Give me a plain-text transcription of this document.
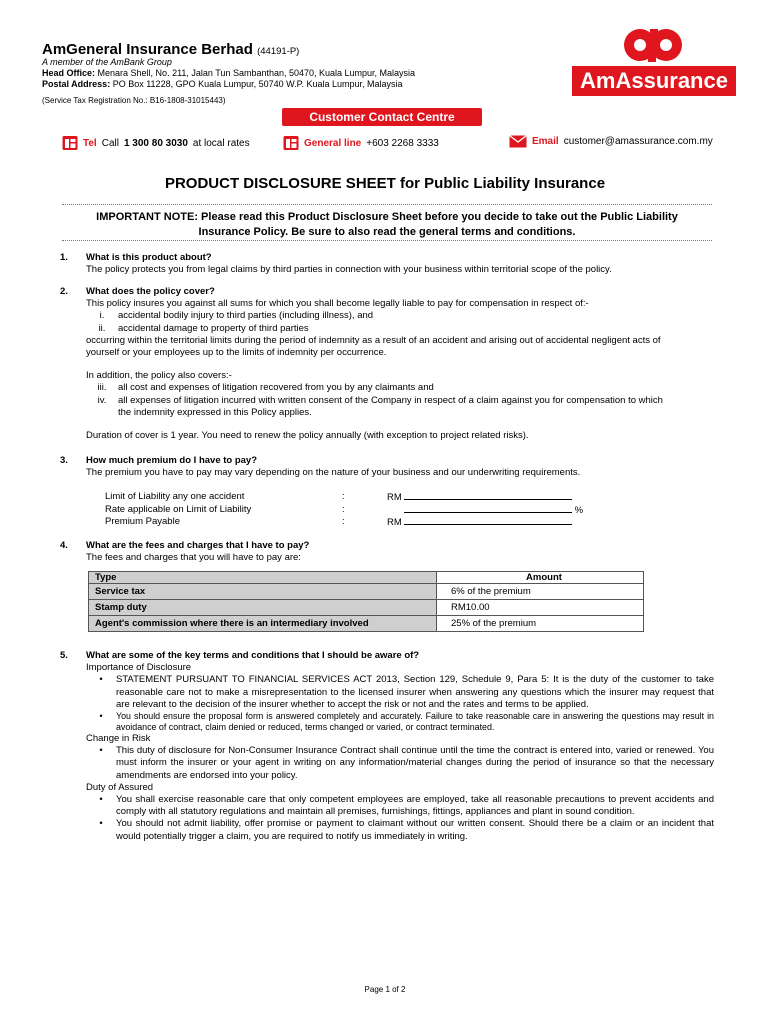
AmGeneral Insurance Berhad (44191-P)
A member of the AmBank Group
Head Office: Menara Shell, No. 211, Jalan Tun Sambanthan, 50470, Kuala Lumpur, Malaysia
Postal Address: PO Box 11228, GPO Kuala Lumpur, 50740 W.P. Kuala Lumpur, Malaysia
(Service Tax Registration No.: B16-1808-31015443)
AmAssurance
Customer Contact Centre
Tel Call 1 300 80 3030 at local rates	General line +603 2268 3333	Email customer@amassurance.com.my
PRODUCT DISCLOSURE SHEET for Public Liability Insurance
IMPORTANT NOTE: Please read this Product Disclosure Sheet before you decide to take out the Public Liability
Insurance Policy. Be sure to also read the general terms and conditions.
1. What is this product about?

The policy protects you from legal claims by third parties in connection with your business within territorial scope of the policy.

2. What does the policy cover?

This policy insures you against all sums for which you shall become legally liable to pay for compensation in respect of:-

i.	accidental bodily injury to third parties (including illness), and
ii.	accidental damage to property of third parties

occurring within the territorial limits during the period of indemnity as a result of an accident and arising out of accidental negligent acts of

yourself or your employees up to the limits of indemnity per occurrence.

In addition, the policy also covers:-

iii.	all cost and expenses of litigation recovered from you by any claimants and
iv.	all expenses of litigation incurred with written consent of the Company in respect of a claim against you for compensation to which
the indemnity expressed in this Policy applies.

Duration of cover is 1 year. You need to renew the policy annually (with exception to project related risks).

3. How much premium do I have to pay?

The premium you have to pay may vary depending on the nature of your business and our underwriting requirements.

Limit of Liability any one accident	:	RM
Rate applicable on Limit of Liability	:	%
Premium Payable	:	RM
4. What are the fees and charges that I have to pay?

The fees and charges that you will have to pay are:

Type	Amount
Service tax	6% of the premium
Stamp duty	RM10.00
Agent's commission where there is an intermediary involved	25% of the premium
5. What are some of the key terms and conditions that I should be aware of?

Importance of Disclosure

•	STATEMENT PURSUANT TO FINANCIAL SERVICES ACT 2013, Section 129, Schedule 9, Para 5: It is the duty of the customer to take reasonable care not to make a misrepresentation to the licensed insurer when answering any questions which the insurer may request that are relevant to the decision of the insurer whether to accept the risk or not and the rates and terms to be applied.
•	You should ensure the proposal form is answered completely and accurately. Failure to take reasonable care in answering the questions may result in avoidance of contract, claim denied or reduced, terms changed or varied, or contract terminated.

Change in Risk

•	This duty of disclosure for Non-Consumer Insurance Contract shall continue until the time the contract is entered into, varied or renewed. You must inform the insurer or your agent in writing on any information/material changes during the period of insurance so that the necessary amendments are endorsed into your policy.

Duty of Assured

•	You shall exercise reasonable care that only competent employees are employed, take all reasonable precautions to prevent accidents and comply with all statutory regulations and maintain all premises, furnishings, fittings, appliances and plant in sound condition.
•	You should not admit liability, offer promise or payment to claimant without our written consent. Should there be a claim or an incident that would potentially trigger a claim, you are required to notify us immediately in writing.
Page 1 of 2
